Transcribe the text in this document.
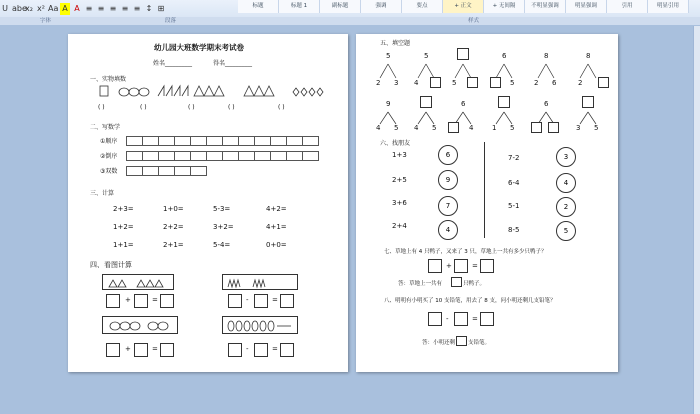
U abe
x₂ x² Aa A A ≡ ≡ ≡ ≡ ≡ ↕ ⊞	标题	标题 1	副标题	强调	要点	+ 正文	+ 无间隔	不明显强调	明显强调	引用	明显引用
字体	段落	样式
幼儿园大班数学期末考试卷
姓名_________	得名_________
一、实物填数
( )	( )	( )	( )	( )
二、写数学
①顺序
②倒序
③双数
三、计算
2+3=	1+0=	5-3=	4+2=
1+2=	2+2=	3+2=	4+1=
1+1=	2+1=	5-4=	0+0=
四、看图计算
+	=	-	=
+	=	-	=
五、填空题
5
2 3
5
4	5
6
5
8
2 6
8
2
9
4 5 4 5
6
4	1 5
6
3 5
六、找朋友
1+3	6
2+5	9
3+6	7
2+4	4
7-2	3
6-4	4
5-1	2
8-5	5
七、草地上有 4 只鸭子，又来了 3 只，草地上一共有多少只鸭子？
+	=
答：草地上一共有	只鸭子。
八、明明有小明买了 10 支铅笔，用去了 8 支，问小明还剩几支铅笔？
-	=
答：小明还剩 支铅笔。
